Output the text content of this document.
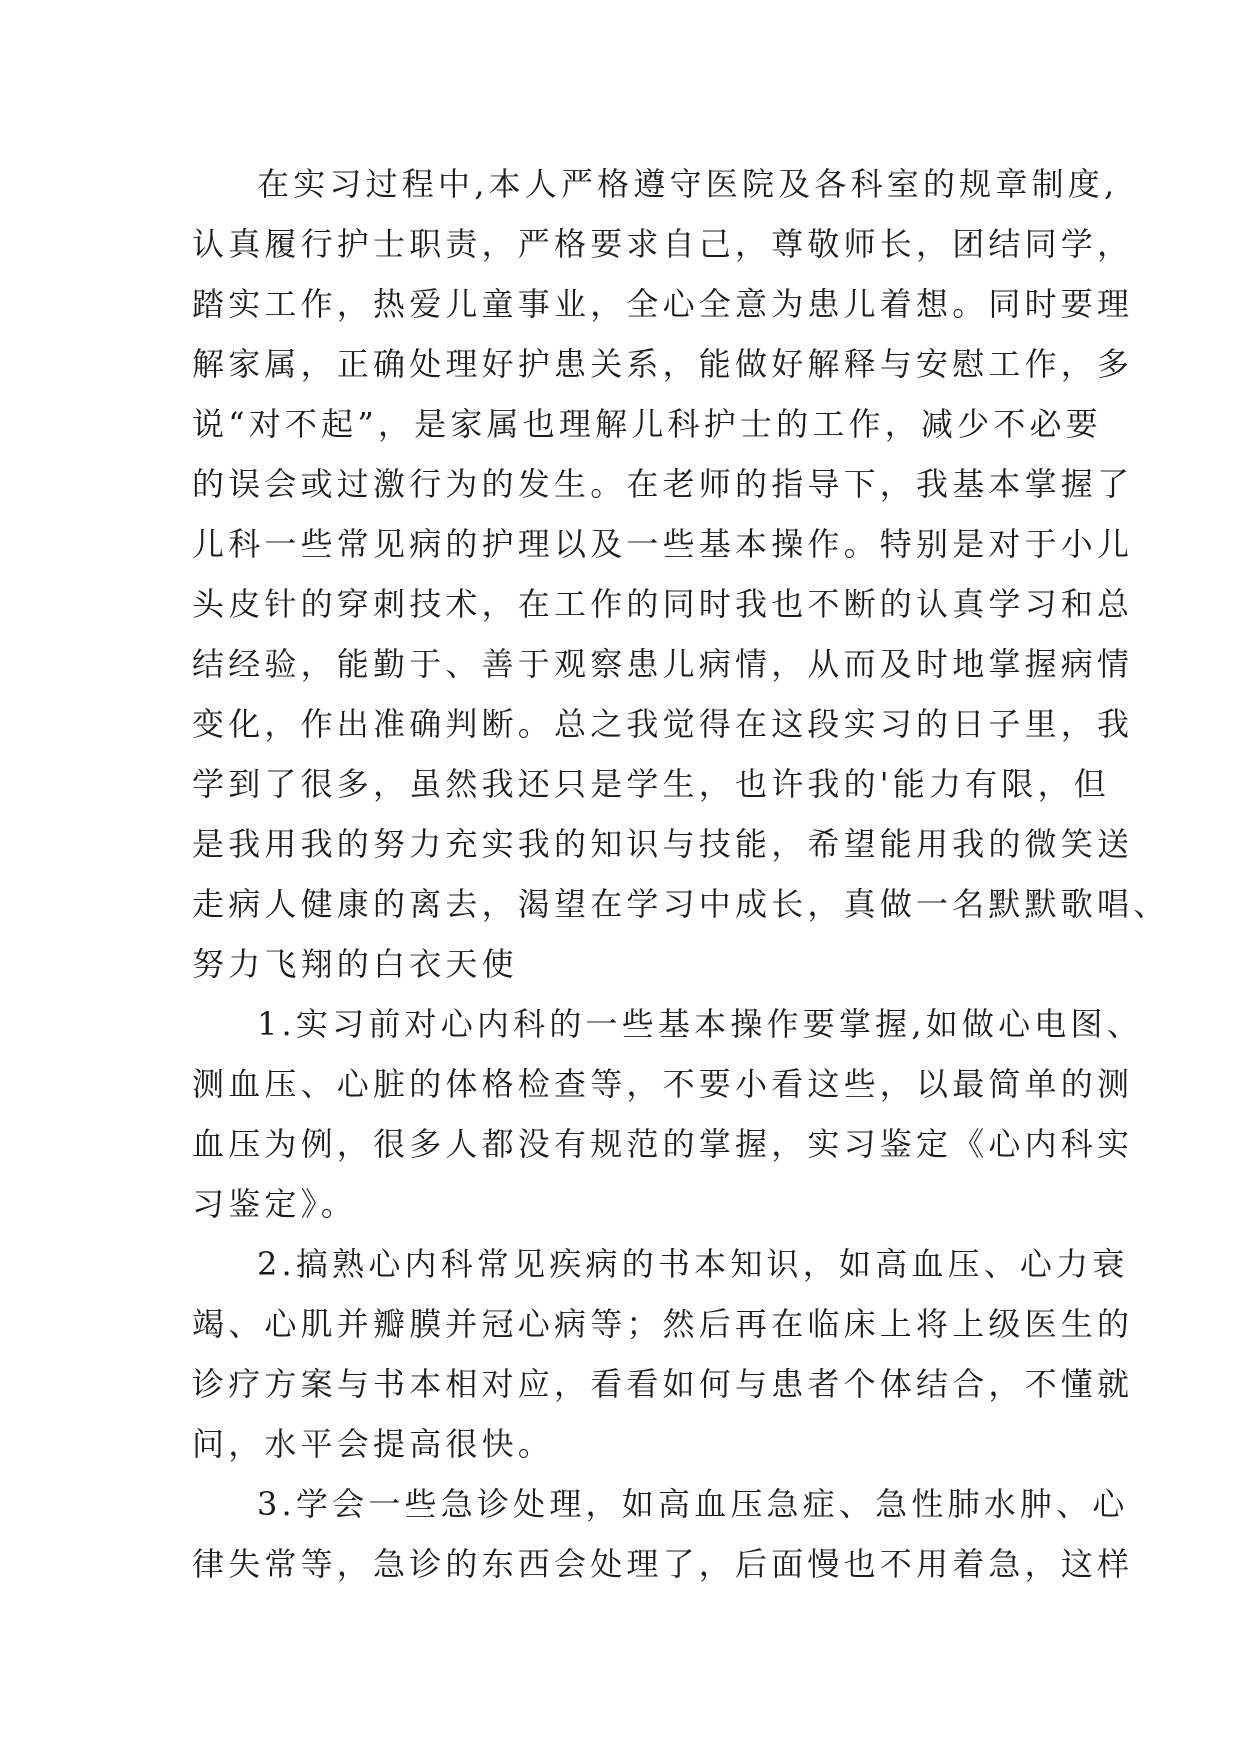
在实习过程中,本人严格遵守医院及各科室的规章制度,
认真履行护士职责，严格要求自己，尊敬师长，团结同学，
踏实工作，热爱儿童事业，全心全意为患儿着想。同时要理
解家属，正确处理好护患关系，能做好解释与安慰工作，多
说“对不起”，是家属也理解儿科护士的工作，减少不必要
的误会或过激行为的发生。在老师的指导下，我基本掌握了
儿科一些常见病的护理以及一些基本操作。特别是对于小儿
头皮针的穿刺技术，在工作的同时我也不断的认真学习和总
结经验，能勤于、善于观察患儿病情，从而及时地掌握病情
变化，作出准确判断。总之我觉得在这段实习的日子里，我
学到了很多，虽然我还只是学生，也许我的'能力有限，但
是我用我的努力充实我的知识与技能，希望能用我的微笑送
走病人健康的离去，渴望在学习中成长，真做一名默默歌唱、
努力飞翔的白衣天使
1.实习前对心内科的一些基本操作要掌握,如做心电图、
测血压、心脏的体格检查等，不要小看这些，以最简单的测
血压为例，很多人都没有规范的掌握，实习鉴定《心内科实
习鉴定》。
2.搞熟心内科常见疾病的书本知识，如高血压、心力衰
竭、心肌并瓣膜并冠心病等；然后再在临床上将上级医生的
诊疗方案与书本相对应，看看如何与患者个体结合，不懂就
问，水平会提高很快。
3.学会一些急诊处理，如高血压急症、急性肺水肿、心
律失常等，急诊的东西会处理了，后面慢也不用着急，这样
